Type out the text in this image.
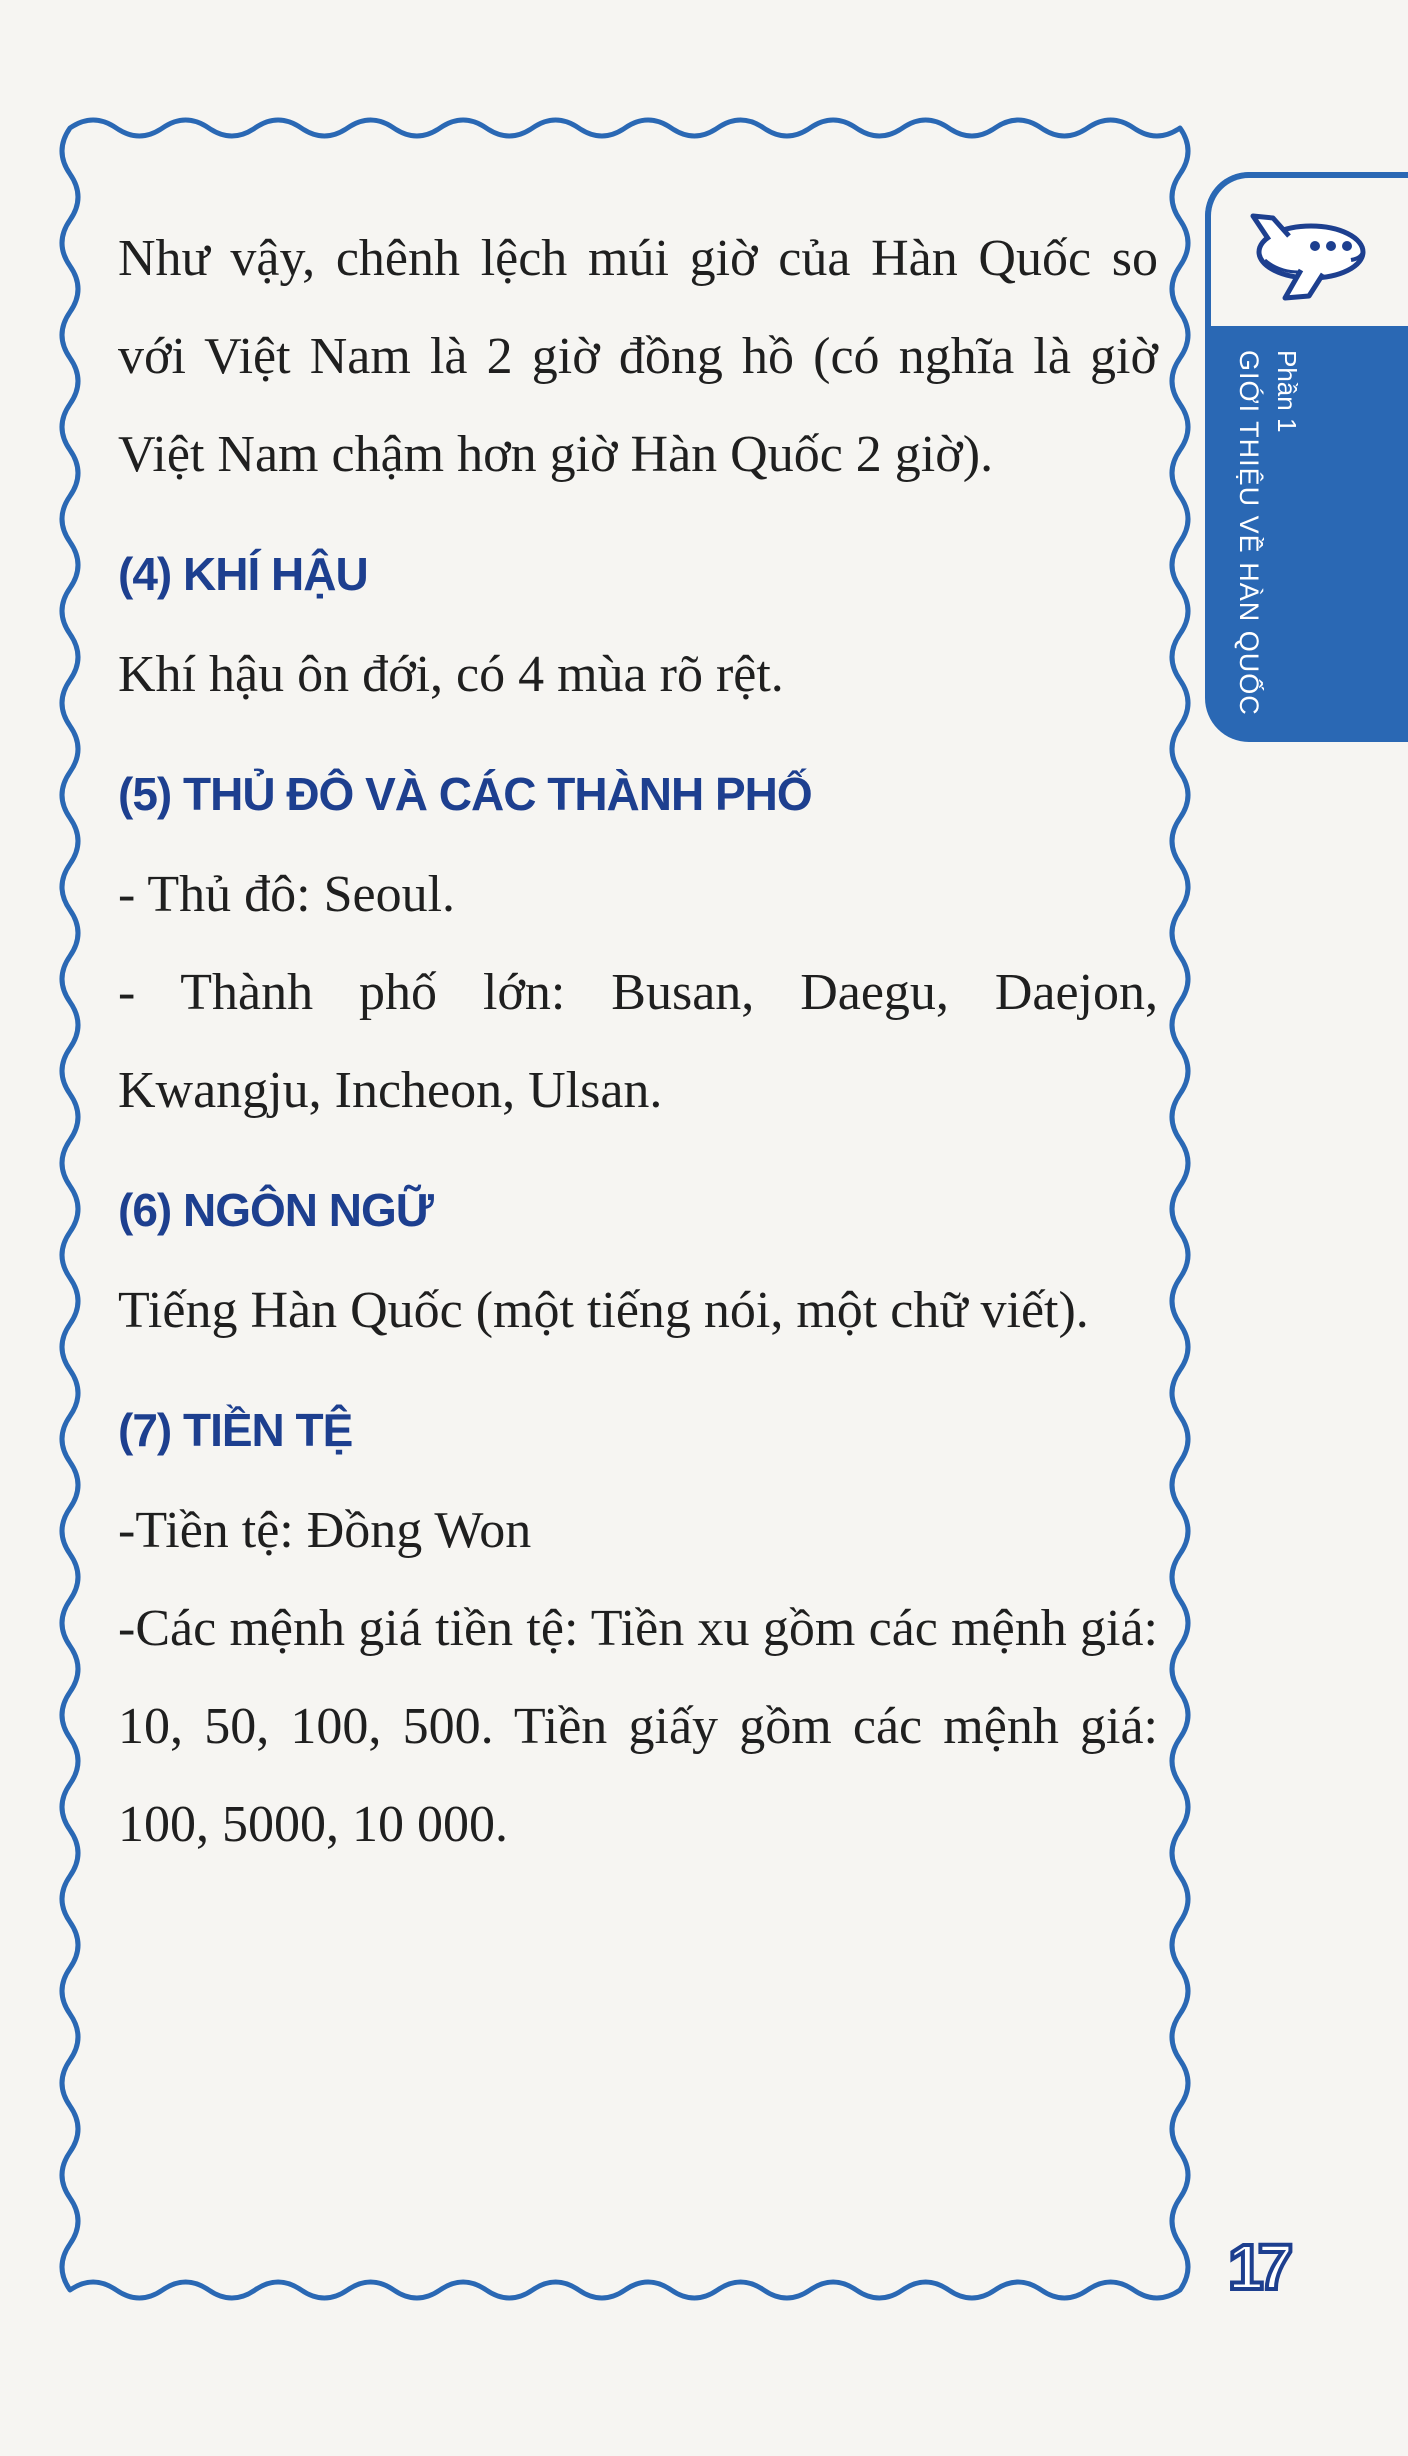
Phần 1
GIỚI THIỆU VỀ HÀN QUỐC

Như vậy, chênh lệch múi giờ của Hàn Quốc so với Việt Nam là 2 giờ đồng hồ (có nghĩa là giờ Việt Nam chậm hơn giờ Hàn Quốc 2 giờ).

(4) KHÍ HẬU

Khí hậu ôn đới, có 4 mùa rõ rệt.

(5) THỦ ĐÔ VÀ CÁC THÀNH PHỐ

- Thủ đô: Seoul.

- Thành phố lớn: Busan, Daegu, Daejon, Kwangju, Incheon, Ulsan.

(6) NGÔN NGỮ

Tiếng Hàn Quốc (một tiếng nói, một chữ viết).

(7) TIỀN TỆ

-Tiền tệ: Đồng Won

-Các mệnh giá tiền tệ: Tiền xu gồm các mệnh giá: 10, 50, 100, 500. Tiền giấy gồm các mệnh giá: 100, 5000, 10 000.

17
